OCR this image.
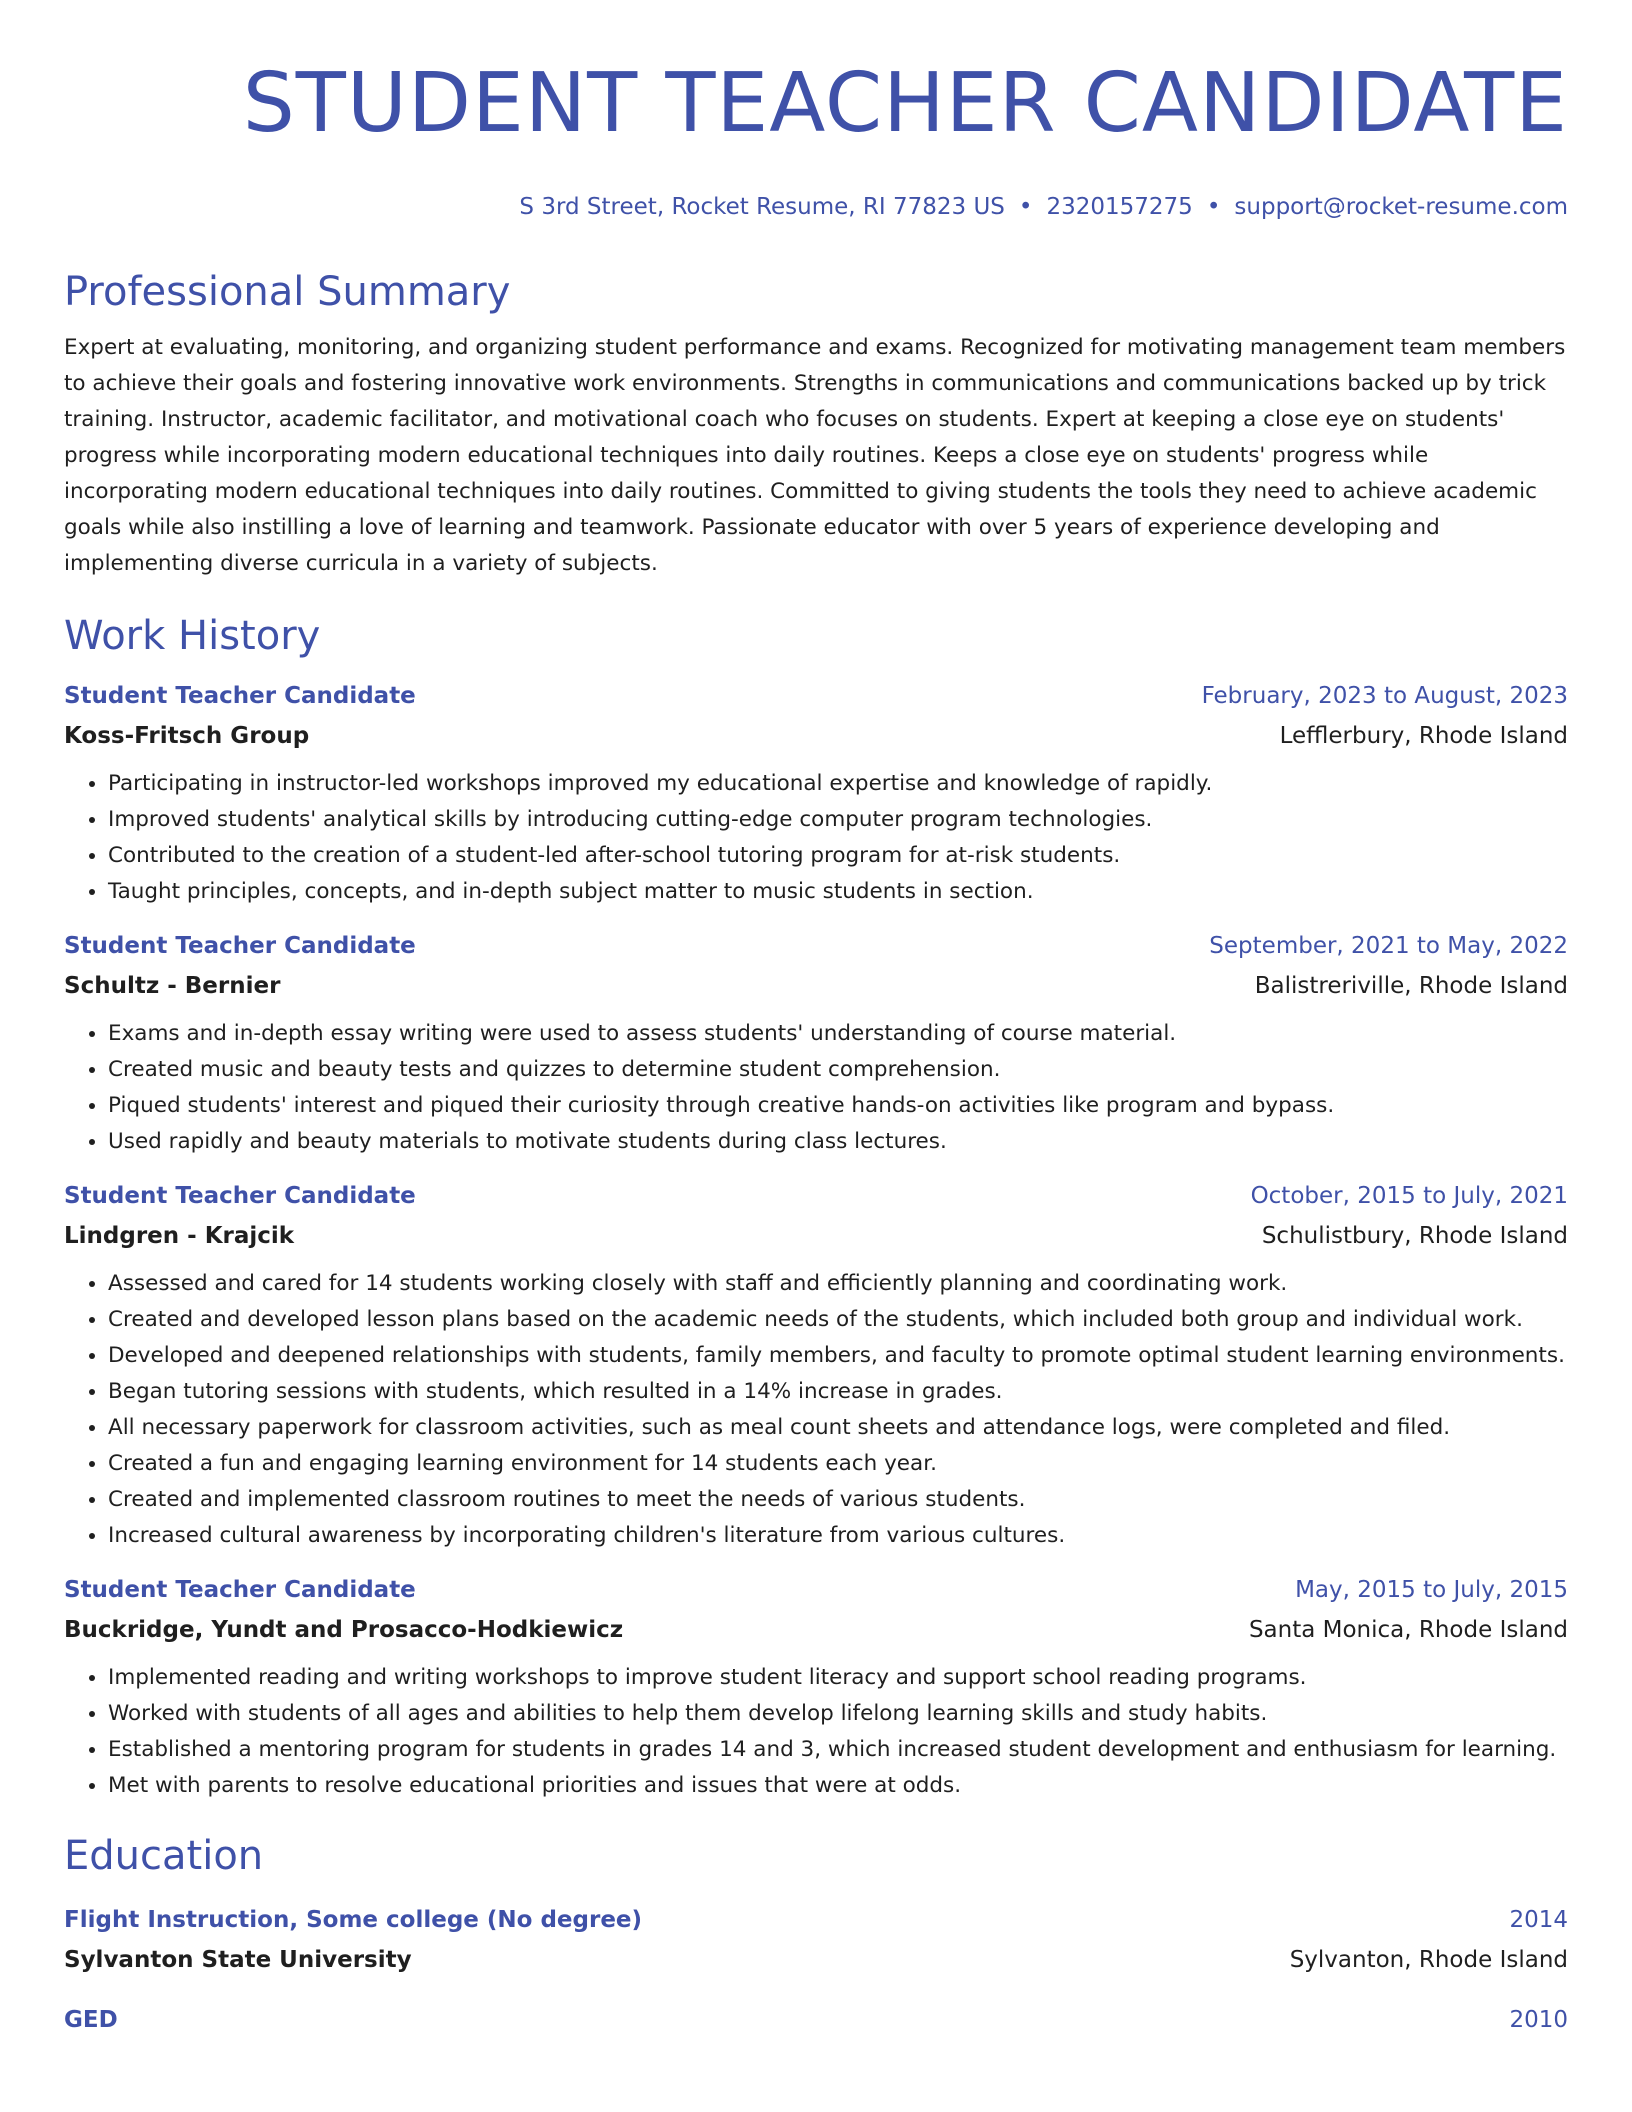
STUDENT TEACHER CANDIDATE
S 3rd Street, Rocket Resume, RI 77823 US • 2320157275 • support@rocket-resume.com
Professional Summary
Expert at evaluating, monitoring, and organizing student performance and exams. Recognized for motivating management team members to achieve their goals and fostering innovative work environments. Strengths in communications and communications backed up by trick training. Instructor, academic facilitator, and motivational coach who focuses on students. Expert at keeping a close eye on students' progress while incorporating modern educational techniques into daily routines. Keeps a close eye on students' progress while incorporating modern educational techniques into daily routines. Committed to giving students the tools they need to achieve academic goals while also instilling a love of learning and teamwork. Passionate educator with over 5 years of experience developing and implementing diverse curricula in a variety of subjects.
Work History
Student Teacher Candidate	February, 2023 to August, 2023
Koss-Fritsch Group	Lefflerbury, Rhode Island
• Participating in instructor-led workshops improved my educational expertise and knowledge of rapidly.
• Improved students' analytical skills by introducing cutting-edge computer program technologies.
• Contributed to the creation of a student-led after-school tutoring program for at-risk students.
• Taught principles, concepts, and in-depth subject matter to music students in section.
Student Teacher Candidate	September, 2021 to May, 2022
Schultz - Bernier	Balistreriville, Rhode Island
• Exams and in-depth essay writing were used to assess students' understanding of course material.
• Created music and beauty tests and quizzes to determine student comprehension.
• Piqued students' interest and piqued their curiosity through creative hands-on activities like program and bypass.
• Used rapidly and beauty materials to motivate students during class lectures.
Student Teacher Candidate	October, 2015 to July, 2021
Lindgren - Krajcik	Schulistbury, Rhode Island
• Assessed and cared for 14 students working closely with staff and efficiently planning and coordinating work.
• Created and developed lesson plans based on the academic needs of the students, which included both group and individual work.
• Developed and deepened relationships with students, family members, and faculty to promote optimal student learning environments.
• Began tutoring sessions with students, which resulted in a 14% increase in grades.
• All necessary paperwork for classroom activities, such as meal count sheets and attendance logs, were completed and filed.
• Created a fun and engaging learning environment for 14 students each year.
• Created and implemented classroom routines to meet the needs of various students.
• Increased cultural awareness by incorporating children's literature from various cultures.
Student Teacher Candidate	May, 2015 to July, 2015
Buckridge, Yundt and Prosacco-Hodkiewicz	Santa Monica, Rhode Island
• Implemented reading and writing workshops to improve student literacy and support school reading programs.
• Worked with students of all ages and abilities to help them develop lifelong learning skills and study habits.
• Established a mentoring program for students in grades 14 and 3, which increased student development and enthusiasm for learning.
• Met with parents to resolve educational priorities and issues that were at odds.
Education
Flight Instruction, Some college (No degree)	2014
Sylvanton State University	Sylvanton, Rhode Island
GED	2010
